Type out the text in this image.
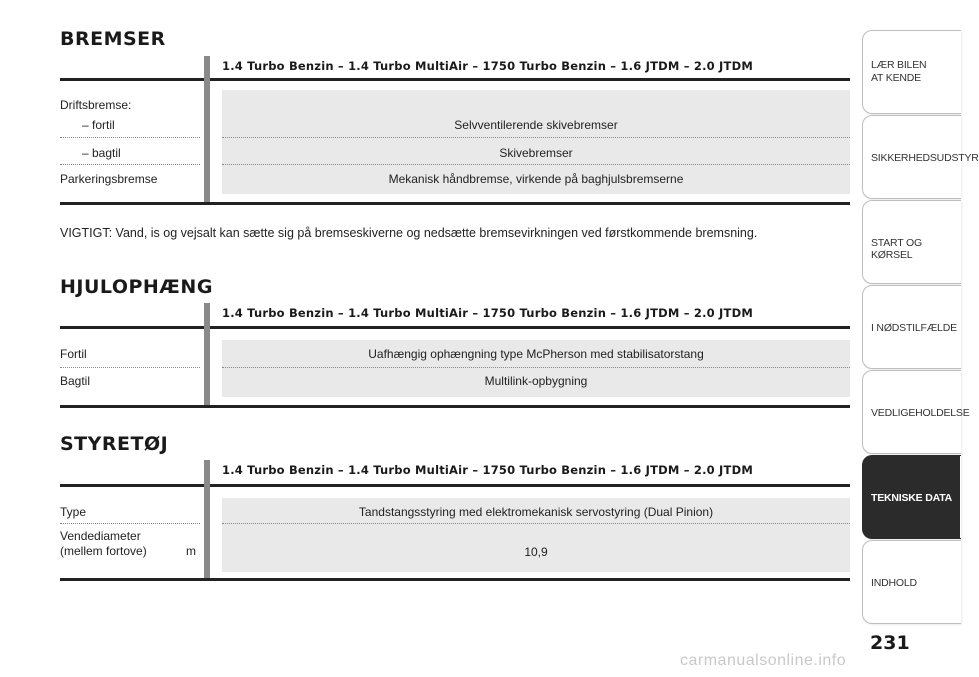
BREMSER
1.4 Turbo Benzin – 1.4 Turbo MultiAir – 1750 Turbo Benzin – 1.6 JTDM – 2.0 JTDM
Driftsbremse:
– fortil	Selvventilerende skivebremser
– bagtil	Skivebremser
Parkeringsbremse	Mekanisk håndbremse, virkende på baghjulsbremserne
VIGTIGT: Vand, is og vejsalt kan sætte sig på bremseskiverne og nedsætte bremsevirkningen ved førstkommende bremsning.
HJULOPHÆNG
1.4 Turbo Benzin – 1.4 Turbo MultiAir – 1750 Turbo Benzin – 1.6 JTDM – 2.0 JTDM
Fortil	Uafhængig ophængning type McPherson med stabilisatorstang
Bagtil	Multilink-opbygning
STYRETØJ
1.4 Turbo Benzin – 1.4 Turbo MultiAir – 1750 Turbo Benzin – 1.6 JTDM – 2.0 JTDM
Type	Tandstangsstyring med elektromekanisk servostyring (Dual Pinion)
Vendediameter
(mellem fortove)	m	10,9
LÆR BILEN
AT KENDE
SIKKERHEDSUDSTYR
START OG KØRSEL
I NØDSTILFÆLDE
VEDLIGEHOLDELSE
TEKNISKE DATA
INDHOLD
231
carmanualsonline.info
